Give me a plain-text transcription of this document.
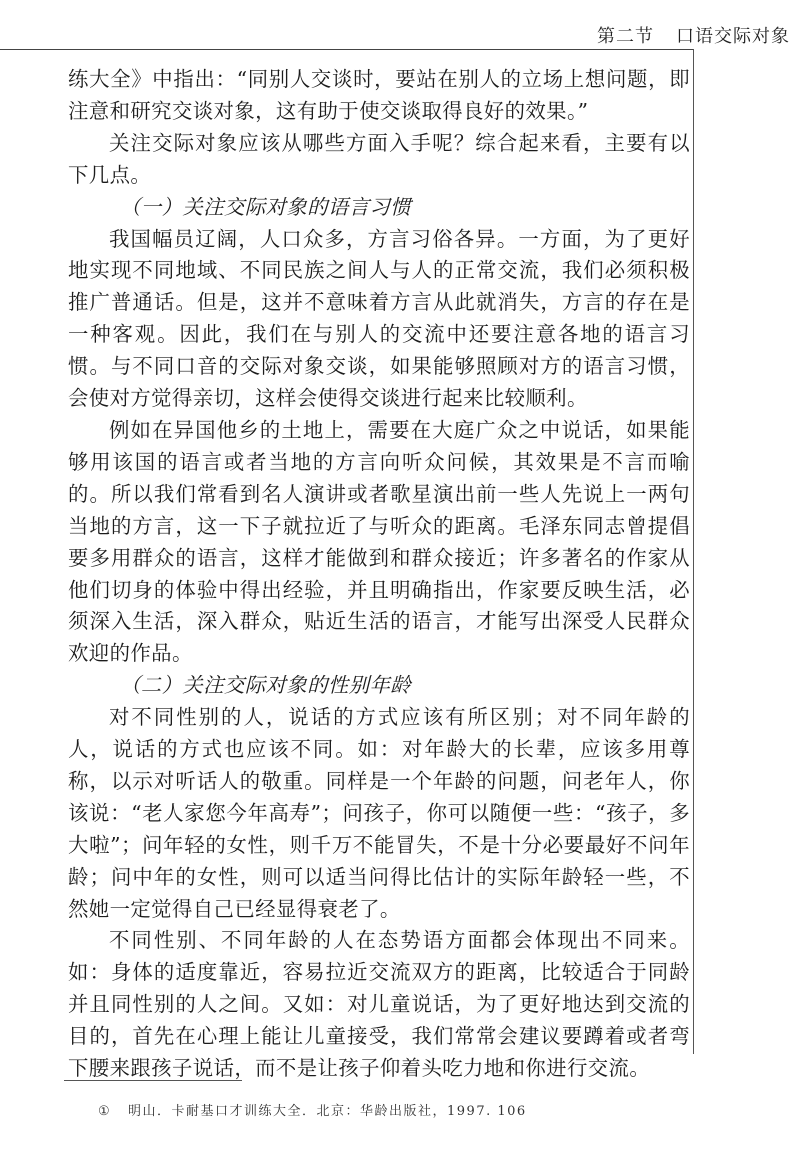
第二节 口语交际对象

练大全》中指出：“同别人交谈时，要站在别人的立场上想问题，即注意和研究交谈对象，这有助于使交谈取得良好的效果。”

关注交际对象应该从哪些方面入手呢？综合起来看，主要有以下几点。

（一）关注交际对象的语言习惯

我国幅员辽阔，人口众多，方言习俗各异。一方面，为了更好地实现不同地域、不同民族之间人与人的正常交流，我们必须积极推广普通话。但是，这并不意味着方言从此就消失，方言的存在是一种客观。因此，我们在与别人的交流中还要注意各地的语言习惯。与不同口音的交际对象交谈，如果能够照顾对方的语言习惯，会使对方觉得亲切，这样会使得交谈进行起来比较顺利。

例如在异国他乡的土地上，需要在大庭广众之中说话，如果能够用该国的语言或者当地的方言向听众问候，其效果是不言而喻的。所以我们常看到名人演讲或者歌星演出前一些人先说上一两句当地的方言，这一下子就拉近了与听众的距离。毛泽东同志曾提倡要多用群众的语言，这样才能做到和群众接近；许多著名的作家从他们切身的体验中得出经验，并且明确指出，作家要反映生活，必须深入生活，深入群众，贴近生活的语言，才能写出深受人民群众欢迎的作品。

（二）关注交际对象的性别年龄

对不同性别的人，说话的方式应该有所区别；对不同年龄的人，说话的方式也应该不同。如：对年龄大的长辈，应该多用尊称，以示对听话人的敬重。同样是一个年龄的问题，问老年人，你该说：“老人家您今年高寿”；问孩子，你可以随便一些：“孩子，多大啦”；问年轻的女性，则千万不能冒失，不是十分必要最好不问年龄；问中年的女性，则可以适当问得比估计的实际年龄轻一些，不然她一定觉得自己已经显得衰老了。

不同性别、不同年龄的人在态势语方面都会体现出不同来。如：身体的适度靠近，容易拉近交流双方的距离，比较适合于同龄并且同性别的人之间。又如：对儿童说话，为了更好地达到交流的目的，首先在心理上能让儿童接受，我们常常会建议要蹲着或者弯下腰来跟孩子说话，而不是让孩子仰着头吃力地和你进行交流。

① 明山．卡耐基口才训练大全．北京：华龄出版社，1997. 106
